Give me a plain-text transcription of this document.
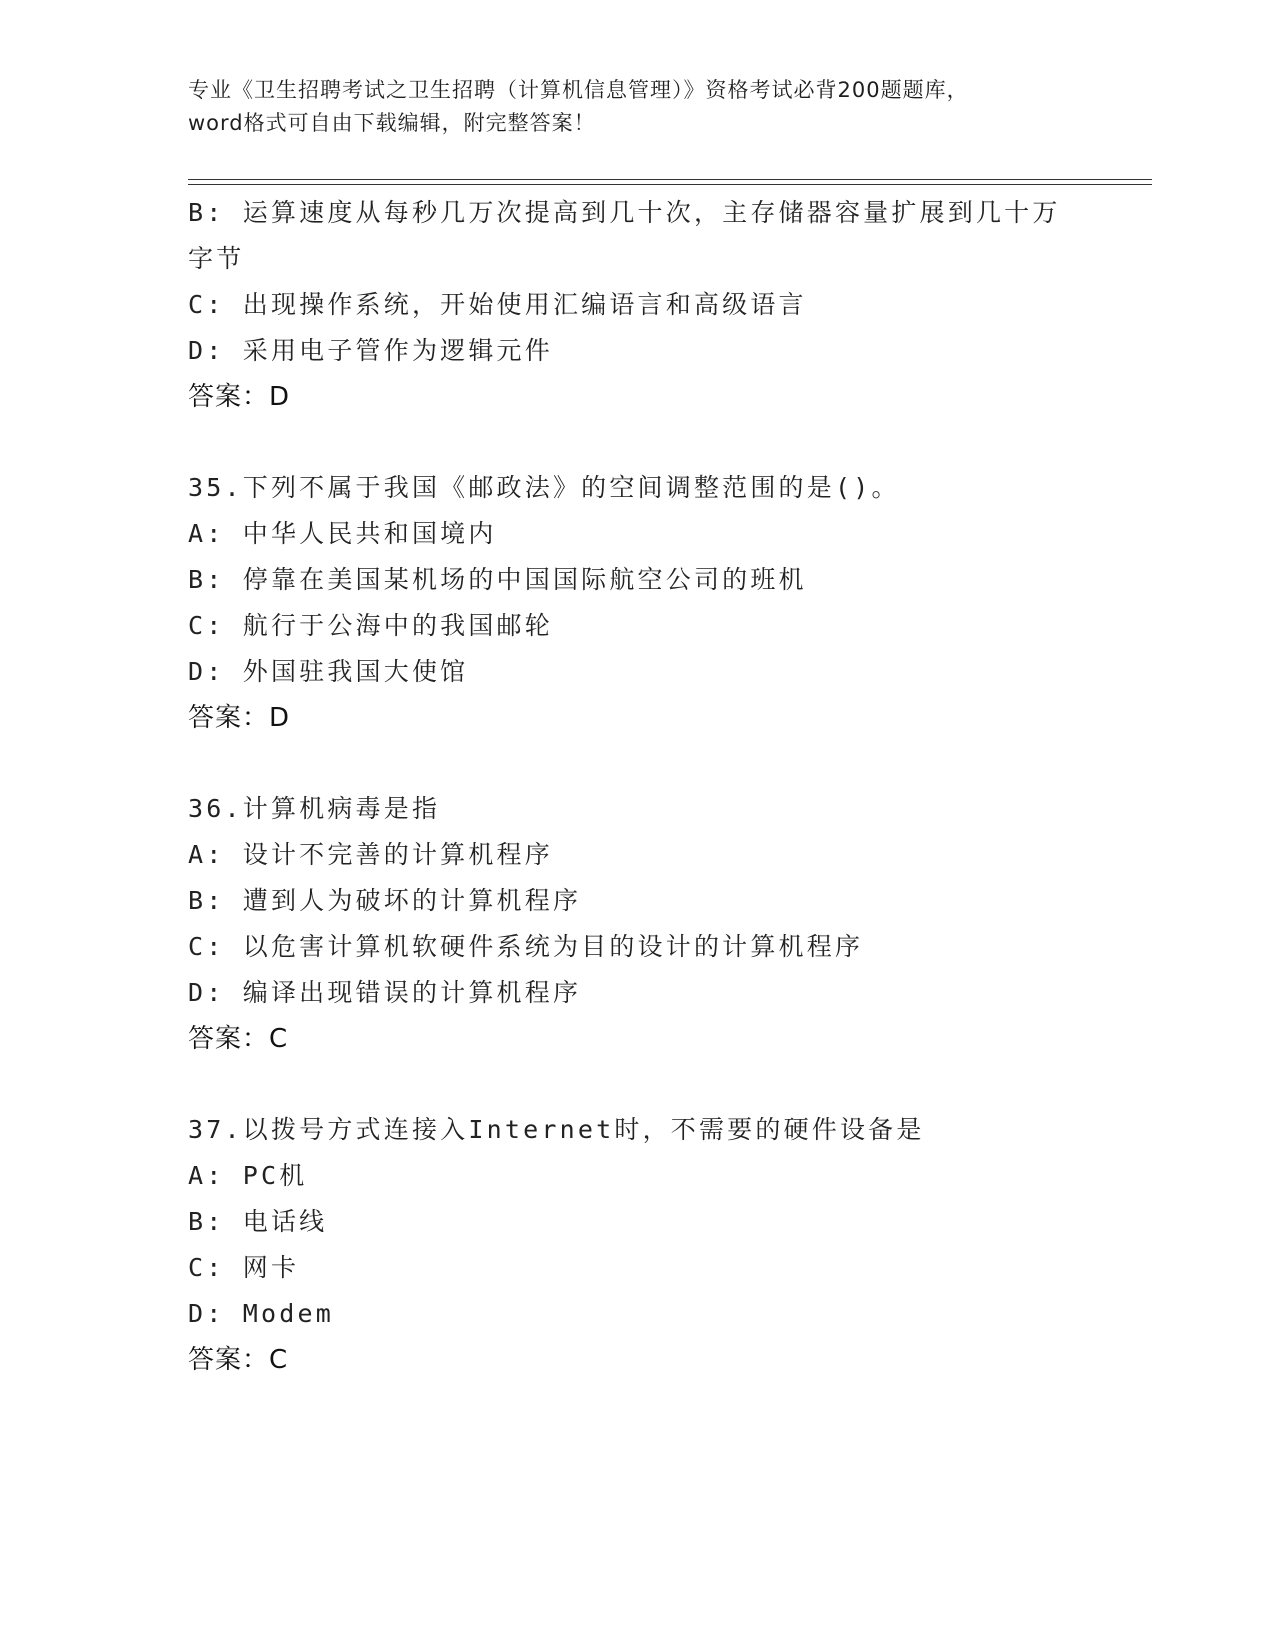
专业《卫生招聘考试之卫生招聘（计算机信息管理）》资格考试必背200题题库，
word格式可自由下载编辑，附完整答案！
B: 运算速度从每秒几万次提高到几十次，主存储器容量扩展到几十万
字节
C: 出现操作系统，开始使用汇编语言和高级语言
D: 采用电子管作为逻辑元件
答案：D
35.下列不属于我国《邮政法》的空间调整范围的是()。
A: 中华人民共和国境内
B: 停靠在美国某机场的中国国际航空公司的班机
C: 航行于公海中的我国邮轮
D: 外国驻我国大使馆
答案：D
36.计算机病毒是指
A: 设计不完善的计算机程序
B: 遭到人为破坏的计算机程序
C: 以危害计算机软硬件系统为目的设计的计算机程序
D: 编译出现错误的计算机程序
答案：C
37.以拨号方式连接入Internet时，不需要的硬件设备是
A: PC机
B: 电话线
C: 网卡
D: Modem
答案：C
